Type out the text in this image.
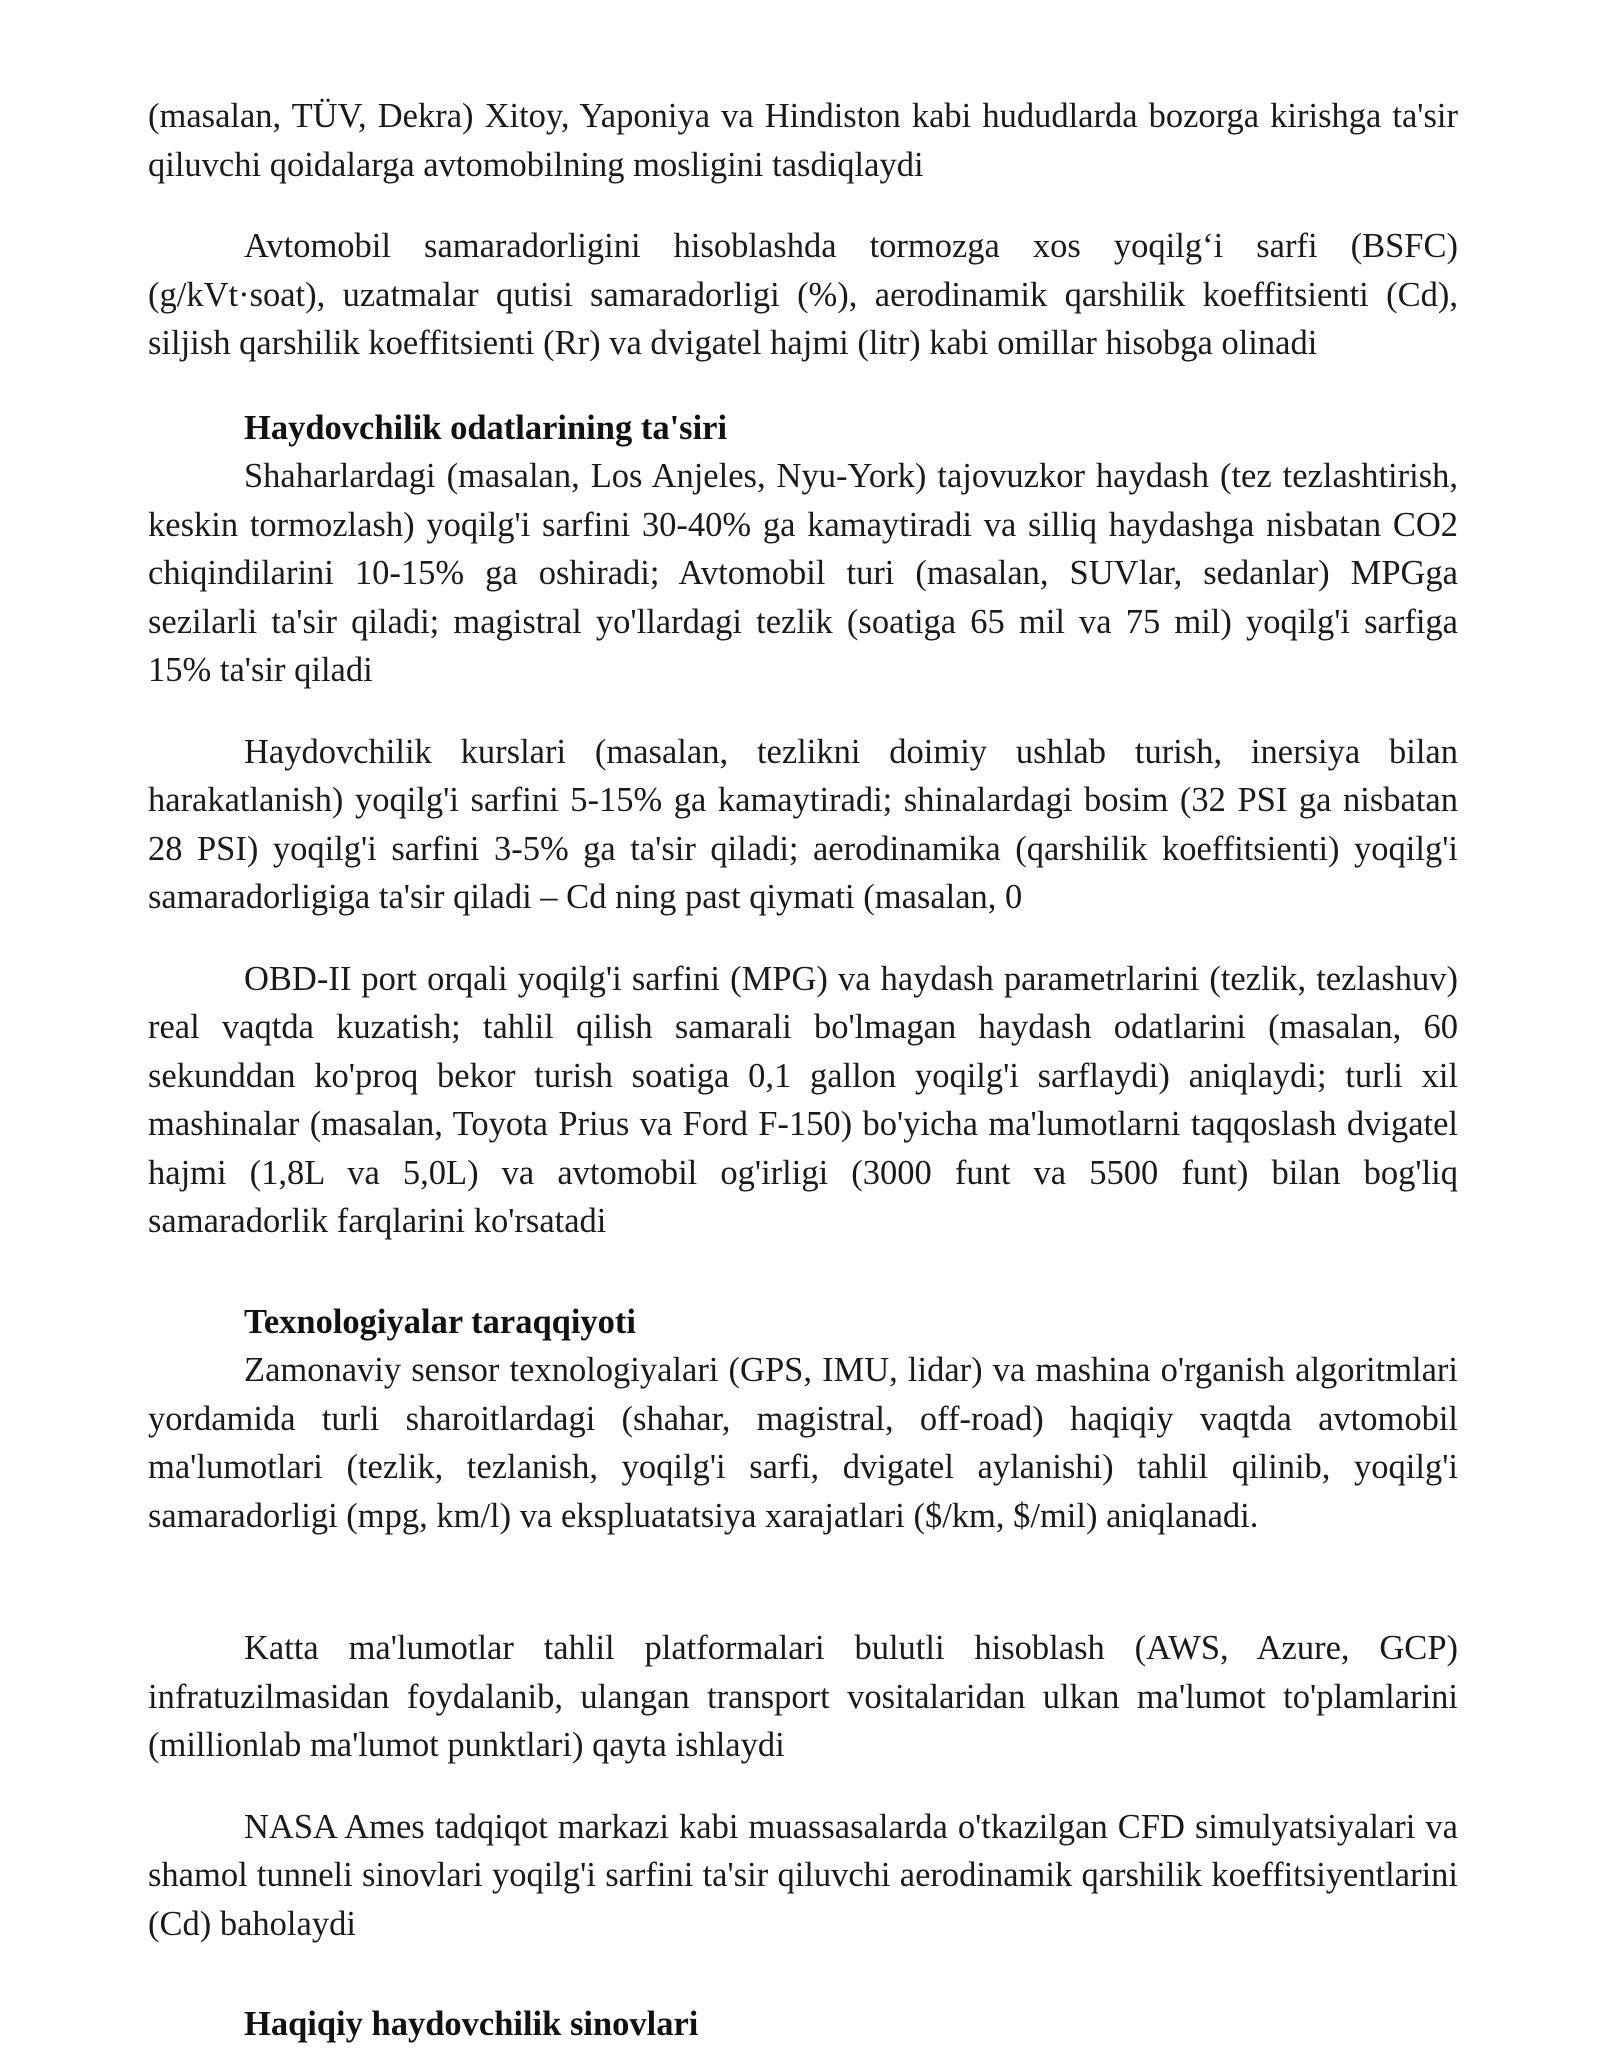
(masalan, TÜV, Dekra) Xitoy, Yaponiya va Hindiston kabi hududlarda bozorga kirishga ta'sir qiluvchi qoidalarga avtomobilning mosligini tasdiqlaydi

Avtomobil samaradorligini hisoblashda tormozga xos yoqilg‘i sarfi (BSFC) (g/kVt·soat), uzatmalar qutisi samaradorligi (%), aerodinamik qarshilik koeffitsienti (Cd), siljish qarshilik koeffitsienti (Rr) va dvigatel hajmi (litr) kabi omillar hisobga olinadi

Haydovchilik odatlarining ta'siri

Shaharlardagi (masalan, Los Anjeles, Nyu-York) tajovuzkor haydash (tez tezlashtirish, keskin tormozlash) yoqilg'i sarfini 30-40% ga kamaytiradi va silliq haydashga nisbatan CO2 chiqindilarini 10-15% ga oshiradi; Avtomobil turi (masalan, SUVlar, sedanlar) MPGga sezilarli ta'sir qiladi; magistral yo'llardagi tezlik (soatiga 65 mil va 75 mil) yoqilg'i sarfiga 15% ta'sir qiladi

Haydovchilik kurslari (masalan, tezlikni doimiy ushlab turish, inersiya bilan harakatlanish) yoqilg'i sarfini 5-15% ga kamaytiradi; shinalardagi bosim (32 PSI ga nisbatan 28 PSI) yoqilg'i sarfini 3-5% ga ta'sir qiladi; aerodinamika (qarshilik koeffitsienti) yoqilg'i samaradorligiga ta'sir qiladi – Cd ning past qiymati (masalan, 0

OBD-II port orqali yoqilg'i sarfini (MPG) va haydash parametrlarini (tezlik, tezlashuv) real vaqtda kuzatish; tahlil qilish samarali bo'lmagan haydash odatlarini (masalan, 60 sekunddan ko'proq bekor turish soatiga 0,1 gallon yoqilg'i sarflaydi) aniqlaydi; turli xil mashinalar (masalan, Toyota Prius va Ford F-150) bo'yicha ma'lumotlarni taqqoslash dvigatel hajmi (1,8L va 5,0L) va avtomobil og'irligi (3000 funt va 5500 funt) bilan bog'liq samaradorlik farqlarini ko'rsatadi

Texnologiyalar taraqqiyoti

Zamonaviy sensor texnologiyalari (GPS, IMU, lidar) va mashina o'rganish algoritmlari yordamida turli sharoitlardagi (shahar, magistral, off-road) haqiqiy vaqtda avtomobil ma'lumotlari (tezlik, tezlanish, yoqilg'i sarfi, dvigatel aylanishi) tahlil qilinib, yoqilg'i samaradorligi (mpg, km/l) va ekspluatatsiya xarajatlari ($/km, $/mil) aniqlanadi.

Katta ma'lumotlar tahlil platformalari bulutli hisoblash (AWS, Azure, GCP) infratuzilmasidan foydalanib, ulangan transport vositalaridan ulkan ma'lumot to'plamlarini (millionlab ma'lumot punktlari) qayta ishlaydi

NASA Ames tadqiqot markazi kabi muassasalarda o'tkazilgan CFD simulyatsiyalari va shamol tunneli sinovlari yoqilg'i sarfini ta'sir qiluvchi aerodinamik qarshilik koeffitsiyentlarini (Cd) baholaydi

Haqiqiy haydovchilik sinovlari
